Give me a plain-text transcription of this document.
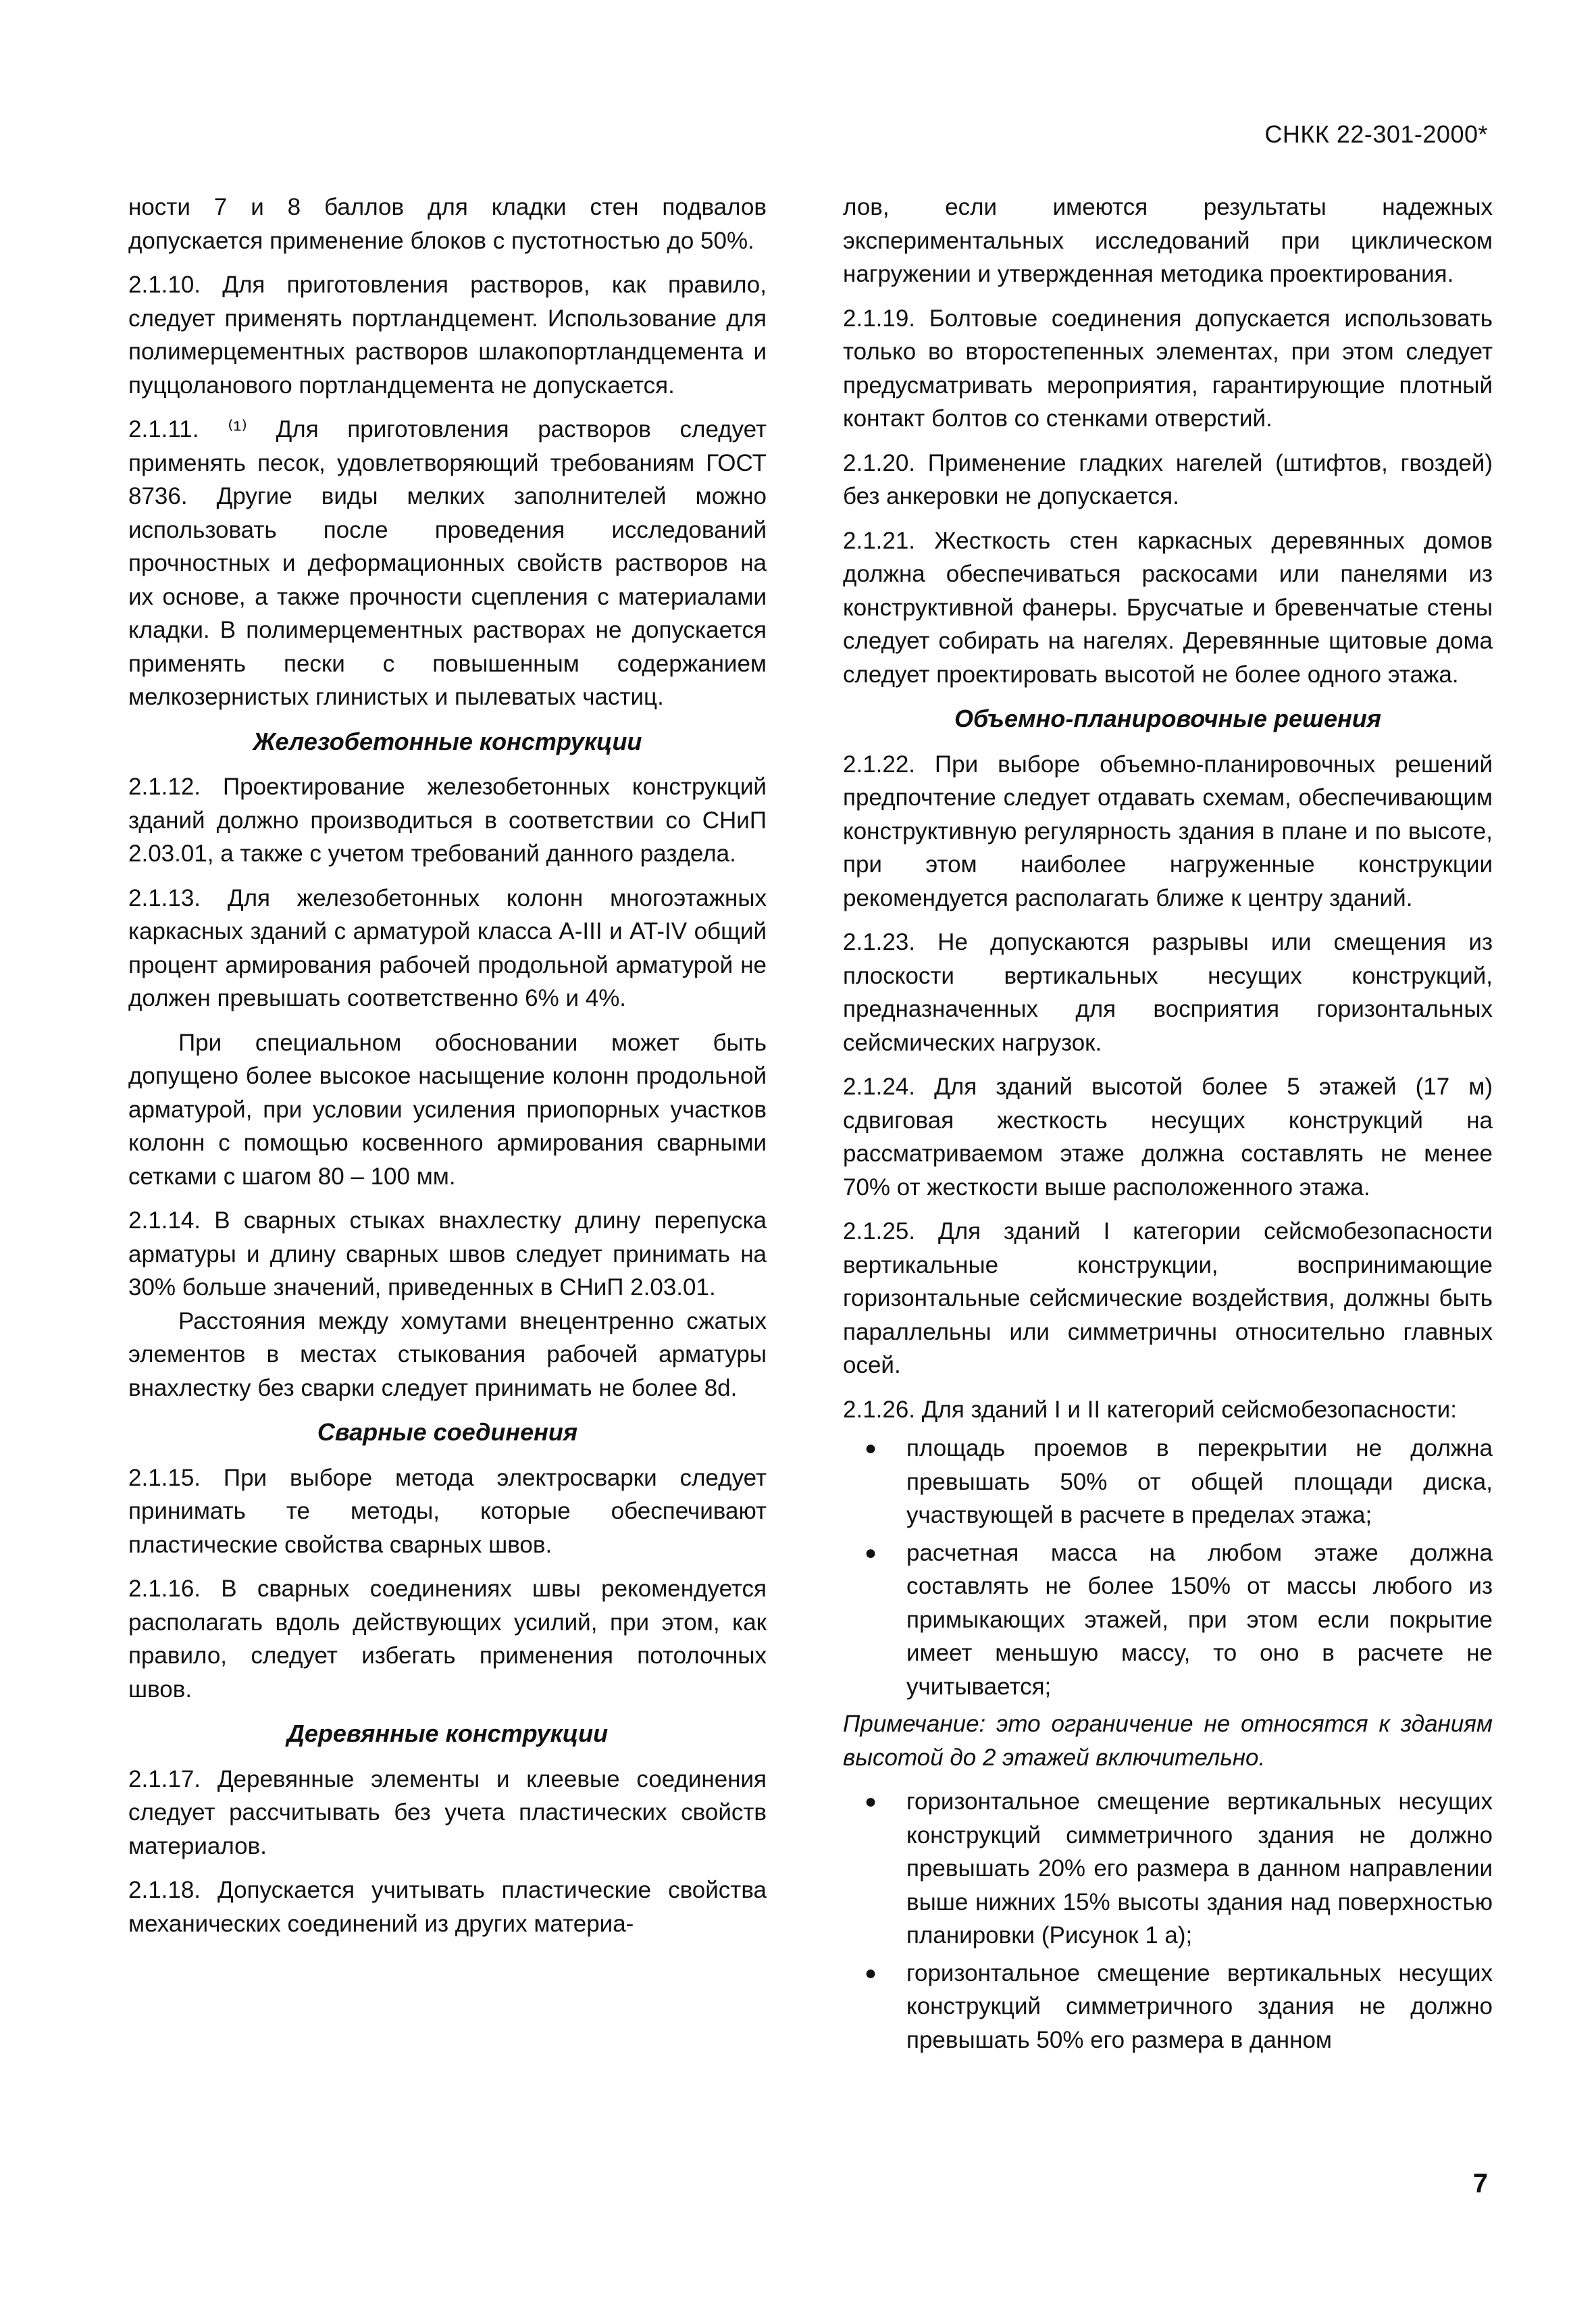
СНКК 22-301-2000*

ности 7 и 8 баллов для кладки стен подвалов допускается применение блоков с пустотностью до 50%.

2.1.10. Для приготовления растворов, как правило, следует применять портландцемент. Использование для полимерцементных растворов шлакопортландцемента и пуццоланового портландцемента не допускается.

2.1.11. ⁽¹⁾ Для приготовления растворов следует применять песок, удовлетворяющий требованиям ГОСТ 8736. Другие виды мелких заполнителей можно использовать после проведения исследований прочностных и деформационных свойств растворов на их основе, а также прочности сцепления с материалами кладки. В полимерцементных растворах не допускается применять пески с повышенным содержанием мелкозернистых глинистых и пылеватых частиц.

Железобетонные конструкции

2.1.12. Проектирование железобетонных конструкций зданий должно производиться в соответствии со СНиП 2.03.01, а также с учетом требований данного раздела.

2.1.13. Для железобетонных колонн многоэтажных каркасных зданий с арматурой класса A-III и AT-IV общий процент армирования рабочей продольной арматурой не должен превышать соответственно 6% и 4%.

При специальном обосновании может быть допущено более высокое насыщение колонн продольной арматурой, при условии усиления приопорных участков колонн с помощью косвенного армирования сварными сетками с шагом 80 – 100 мм.

2.1.14. В сварных стыках внахлестку длину перепуска арматуры и длину сварных швов следует принимать на 30% больше значений, приведенных в СНиП 2.03.01.

Расстояния между хомутами внецентренно сжатых элементов в местах стыкования рабочей арматуры внахлестку без сварки следует принимать не более 8d.

Сварные соединения

2.1.15. При выборе метода электросварки следует принимать те методы, которые обеспечивают пластические свойства сварных швов.

2.1.16. В сварных соединениях швы рекомендуется располагать вдоль действующих усилий, при этом, как правило, следует избегать применения потолочных швов.

Деревянные конструкции

2.1.17. Деревянные элементы и клеевые соединения следует рассчитывать без учета пластических свойств материалов.

2.1.18. Допускается учитывать пластические свойства механических соединений из других материа-

лов, если имеются результаты надежных экспериментальных исследований при циклическом нагружении и утвержденная методика проектирования.

2.1.19. Болтовые соединения допускается использовать только во второстепенных элементах, при этом следует предусматривать мероприятия, гарантирующие плотный контакт болтов со стенками отверстий.

2.1.20. Применение гладких нагелей (штифтов, гвоздей) без анкеровки не допускается.

2.1.21. Жесткость стен каркасных деревянных домов должна обеспечиваться раскосами или панелями из конструктивной фанеры. Брусчатые и бревенчатые стены следует собирать на нагелях. Деревянные щитовые дома следует проектировать высотой не более одного этажа.

Объемно-планировочные решения

2.1.22. При выборе объемно-планировочных решений предпочтение следует отдавать схемам, обеспечивающим конструктивную регулярность здания в плане и по высоте, при этом наиболее нагруженные конструкции рекомендуется располагать ближе к центру зданий.

2.1.23. Не допускаются разрывы или смещения из плоскости вертикальных несущих конструкций, предназначенных для восприятия горизонтальных сейсмических нагрузок.

2.1.24. Для зданий высотой более 5 этажей (17 м) сдвиговая жесткость несущих конструкций на рассматриваемом этаже должна составлять не менее 70% от жесткости выше расположенного этажа.

2.1.25. Для зданий I категории сейсмобезопасности вертикальные конструкции, воспринимающие горизонтальные сейсмические воздействия, должны быть параллельны или симметричны относительно главных осей.

2.1.26. Для зданий I и II категорий сейсмобезопасности:

● площадь проемов в перекрытии не должна превышать 50% от общей площади диска, участвующей в расчете в пределах этажа;
● расчетная масса на любом этаже должна составлять не более 150% от массы любого из примыкающих этажей, при этом если покрытие имеет меньшую массу, то оно в расчете не учитывается;

Примечание: это ограничение не относятся к зданиям высотой до 2 этажей включительно.

● горизонтальное смещение вертикальных несущих конструкций симметричного здания не должно превышать 20% его размера в данном направлении выше нижних 15% высоты здания над поверхностью планировки (Рисунок 1 а);
● горизонтальное смещение вертикальных несущих конструкций симметричного здания не должно превышать 50% его размера в данном
7
